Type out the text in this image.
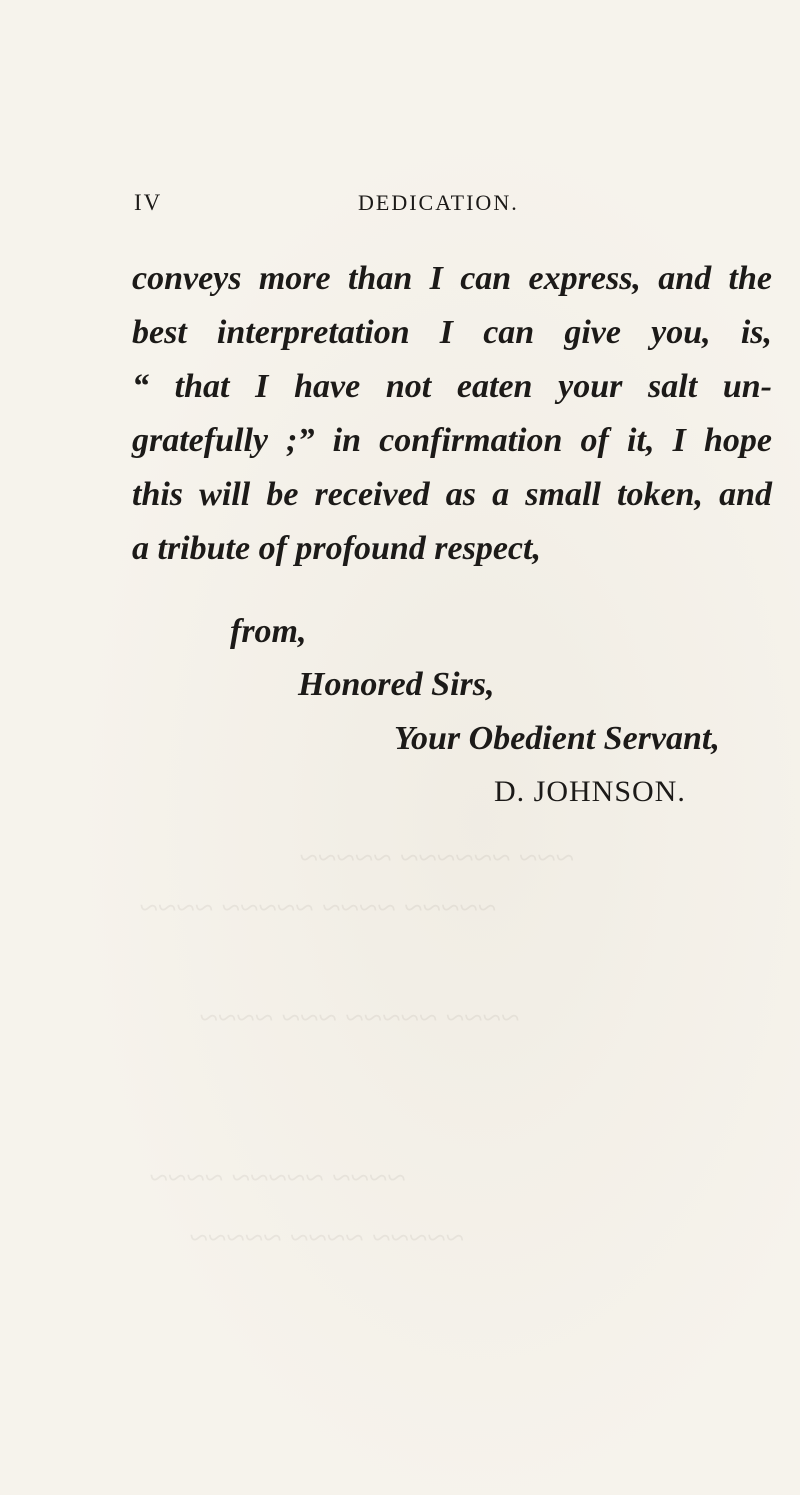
~~~ ~~~~~~ ~~~~~
~~~~~ ~~~~ ~~~~~ ~~~~
~~~~ ~~~~~ ~~~ ~~~~
~~~~ ~~~~~ ~~~~
~~~~~ ~~~~ ~~~~~
IV	DEDICATION.
conveys more than I can express, and the
best interpretation I can give you, is,
“ that I have not eaten your salt un-
gratefully ;” in confirmation of it, I hope
this will be received as a small token, and
a tribute of profound respect,
from,
Honored Sirs,
Your Obedient Servant,
D. JOHNSON.
